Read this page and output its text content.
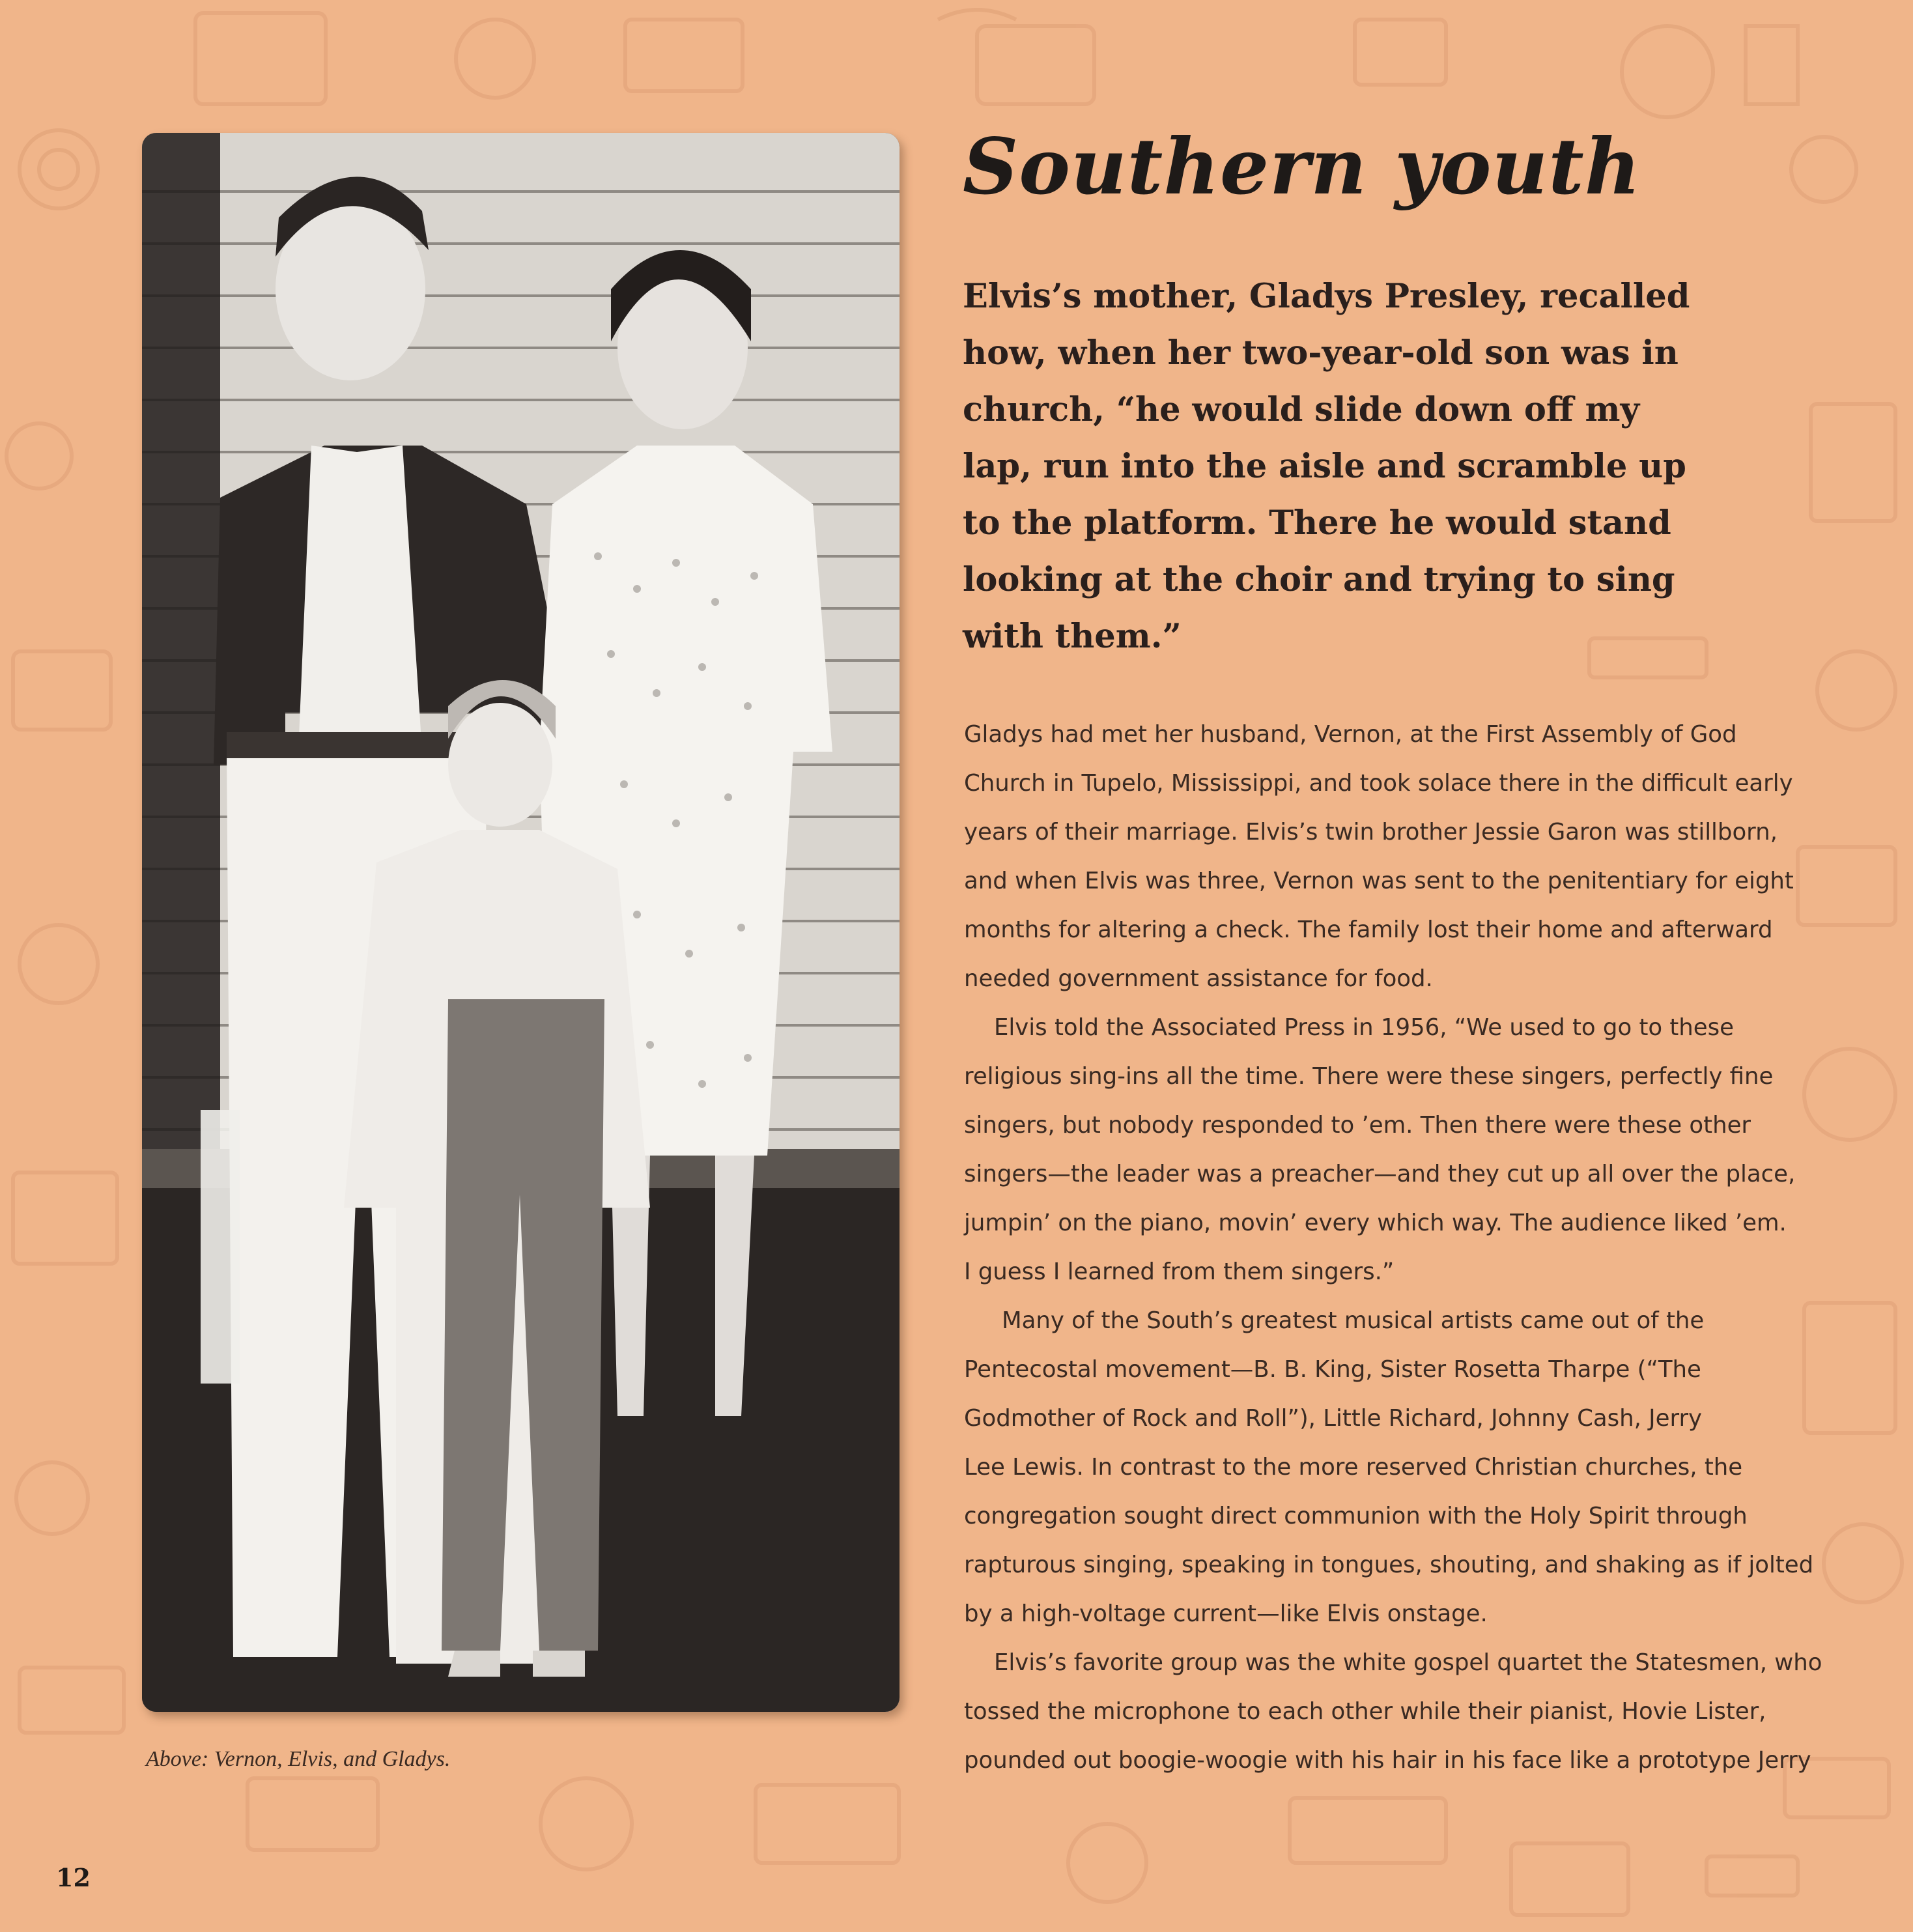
Above: Vernon, Elvis, and Gladys.
Southern youth
Elvis’s mother, Gladys Presley, recalled
how, when her two-year-old son was in
church, “he would slide down off my
lap, run into the aisle and scramble up
to the platform. There he would stand
looking at the choir and trying to sing
with them.”
Gladys had met her husband, Vernon, at the First Assembly of God
Church in Tupelo, Mississippi, and took solace there in the difficult early
years of their marriage. Elvis’s twin brother Jessie Garon was stillborn,
and when Elvis was three, Vernon was sent to the penitentiary for eight
months for altering a check. The family lost their home and afterward
needed government assistance for food.
Elvis told the Associated Press in 1956, “We used to go to these
religious sing-ins all the time. There were these singers, perfectly fine
singers, but nobody responded to ’em. Then there were these other
singers—the leader was a preacher—and they cut up all over the place,
jumpin’ on the piano, movin’ every which way. The audience liked ’em.
I guess I learned from them singers.”
Many of the South’s greatest musical artists came out of the
Pentecostal movement—B. B. King, Sister Rosetta Tharpe (“The
Godmother of Rock and Roll”), Little Richard, Johnny Cash, Jerry
Lee Lewis. In contrast to the more reserved Christian churches, the
congregation sought direct communion with the Holy Spirit through
rapturous singing, speaking in tongues, shouting, and shaking as if jolted
by a high-voltage current—like Elvis onstage.
Elvis’s favorite group was the white gospel quartet the Statesmen, who
tossed the microphone to each other while their pianist, Hovie Lister,
pounded out boogie-woogie with his hair in his face like a prototype Jerry
12
